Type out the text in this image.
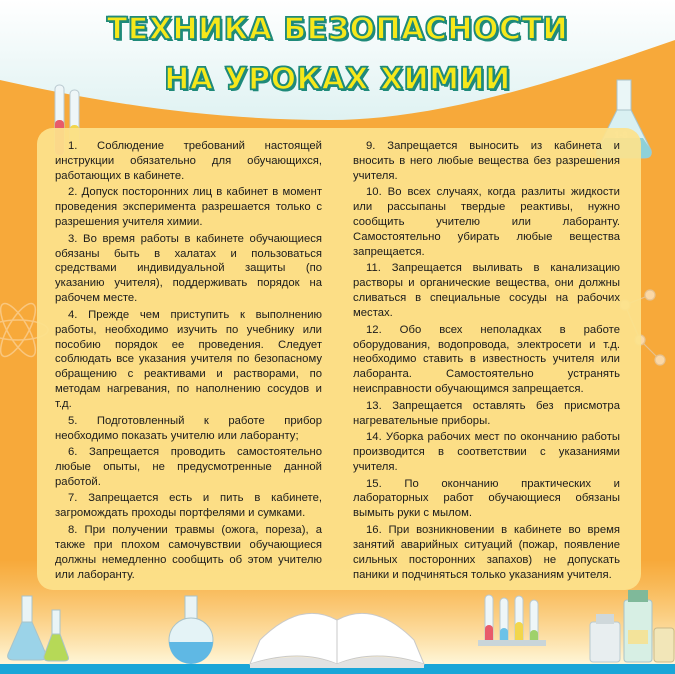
ТЕХНИКА БЕЗОПАСНОСТИ
НА УРОКАХ ХИМИИ

1. Соблюдение требований настоящей инструкции обязательно для обучающихся, работающих в кабинете.

2. Допуск посторонних лиц в кабинет в момент проведения эксперимента разрешается только с разрешения учителя химии.

3. Во время работы в кабинете обучающиеся обязаны быть в халатах и пользоваться средствами индивидуальной защиты (по указанию учителя), поддерживать порядок на рабочем месте.

4. Прежде чем приступить к выполнению работы, необходимо изучить по учебнику или пособию порядок ее проведения. Следует соблюдать все указания учителя по безопасному обращению с реактивами и растворами, по методам нагревания, по наполнению сосудов и т.д.

5. Подготовленный к работе прибор необходимо показать учителю или лаборанту;

6. Запрещается проводить самостоятельно любые опыты, не предусмотренные данной работой.

7. Запрещается есть и пить в кабинете, загромождать проходы портфелями и сумками.

8. При получении травмы (ожога, пореза), а также при плохом самочувствии обучающиеся должны немедленно сообщить об этом учителю или лаборанту.

9. Запрещается выносить из кабинета и вносить в него любые вещества без разрешения учителя.

10. Во всех случаях, когда разлиты жидкости или рассыпаны твердые реактивы, нужно сообщить учителю или лаборанту. Самостоятельно убирать любые вещества запрещается.

11. Запрещается выливать в канализацию растворы и органические вещества, они должны сливаться в специальные сосуды на рабочих местах.

12. Обо всех неполадках в работе оборудования, водопровода, электросети и т.д. необходимо ставить в известность учителя или лаборанта. Самостоятельно устранять неисправности обучающимся запрещается.

13. Запрещается оставлять без присмотра нагревательные приборы.

14. Уборка рабочих мест по окончанию работы производится в соответствии с указаниями учителя.

15. По окончанию практических и лабораторных работ обучающиеся обязаны вымыть руки с мылом.

16. При возникновении в кабинете во время занятий аварийных ситуаций (пожар, появление сильных посторонних запахов) не допускать паники и подчиняться только указаниям учителя.
